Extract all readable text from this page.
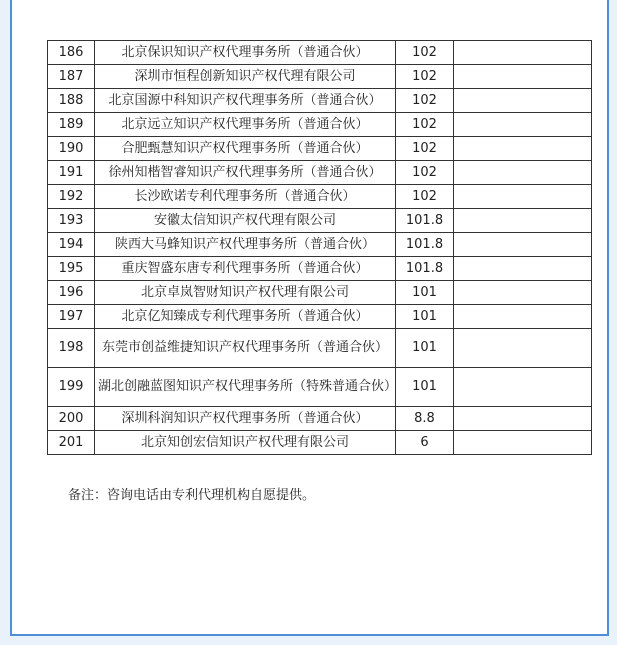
186	北京保识知识产权代理事务所（普通合伙）	102	
187	深圳市恒程创新知识产权代理有限公司	102	
188	北京国源中科知识产权代理事务所（普通合伙）	102	
189	北京远立知识产权代理事务所（普通合伙）	102	
190	合肥甄慧知识产权代理事务所（普通合伙）	102	
191	徐州知楷智睿知识产权代理事务所（普通合伙）	102	
192	长沙欧诺专利代理事务所（普通合伙）	102	
193	安徽太信知识产权代理有限公司	101.8	
194	陕西大马蜂知识产权代理事务所（普通合伙）	101.8	
195	重庆智盛东唐专利代理事务所（普通合伙）	101.8	
196	北京卓岚智财知识产权代理有限公司	101	
197	北京亿知臻成专利代理事务所（普通合伙）	101	
198	东莞市创益维捷知识产权代理事务所（普通合伙）	101	
199	湖北创融蓝图知识产权代理事务所（特殊普通合伙）	101	
200	深圳科润知识产权代理事务所（普通合伙）	8.8	
201	北京知创宏信知识产权代理有限公司	6	
备注：咨询电话由专利代理机构自愿提供。
